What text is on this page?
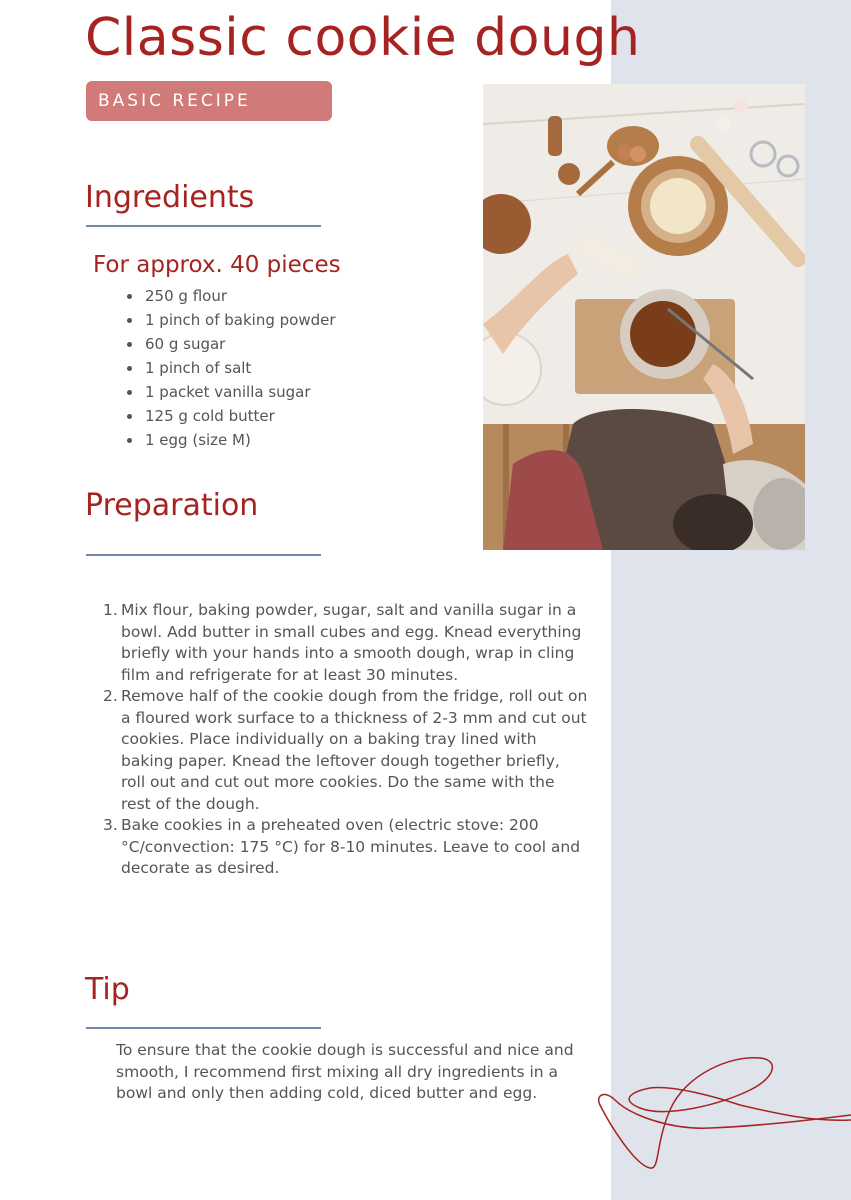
Classic cookie dough
BASIC RECIPE
Ingredients
For approx. 40 pieces
• 250 g flour
• 1 pinch of baking powder
• 60 g sugar
• 1 pinch of salt
• 1 packet vanilla sugar
• 125 g cold butter
• 1 egg (size M)
Preparation
1. Mix flour, baking powder, sugar, salt and vanilla sugar in a bowl. Add butter in small cubes and egg. Knead everything briefly with your hands into a smooth dough, wrap in cling film and refrigerate for at least 30 minutes.
2. Remove half of the cookie dough from the fridge, roll out on a floured work surface to a thickness of 2-3 mm and cut out cookies. Place individually on a baking tray lined with baking paper. Knead the leftover dough together briefly, roll out and cut out more cookies. Do the same with the rest of the dough.
3. Bake cookies in a preheated oven (electric stove: 200 °C/convection: 175 °C) for 8-10 minutes. Leave to cool and decorate as desired.
Tip

To ensure that the cookie dough is successful and nice and smooth, I recommend first mixing all dry ingredients in a bowl and only then adding cold, diced butter and egg.
